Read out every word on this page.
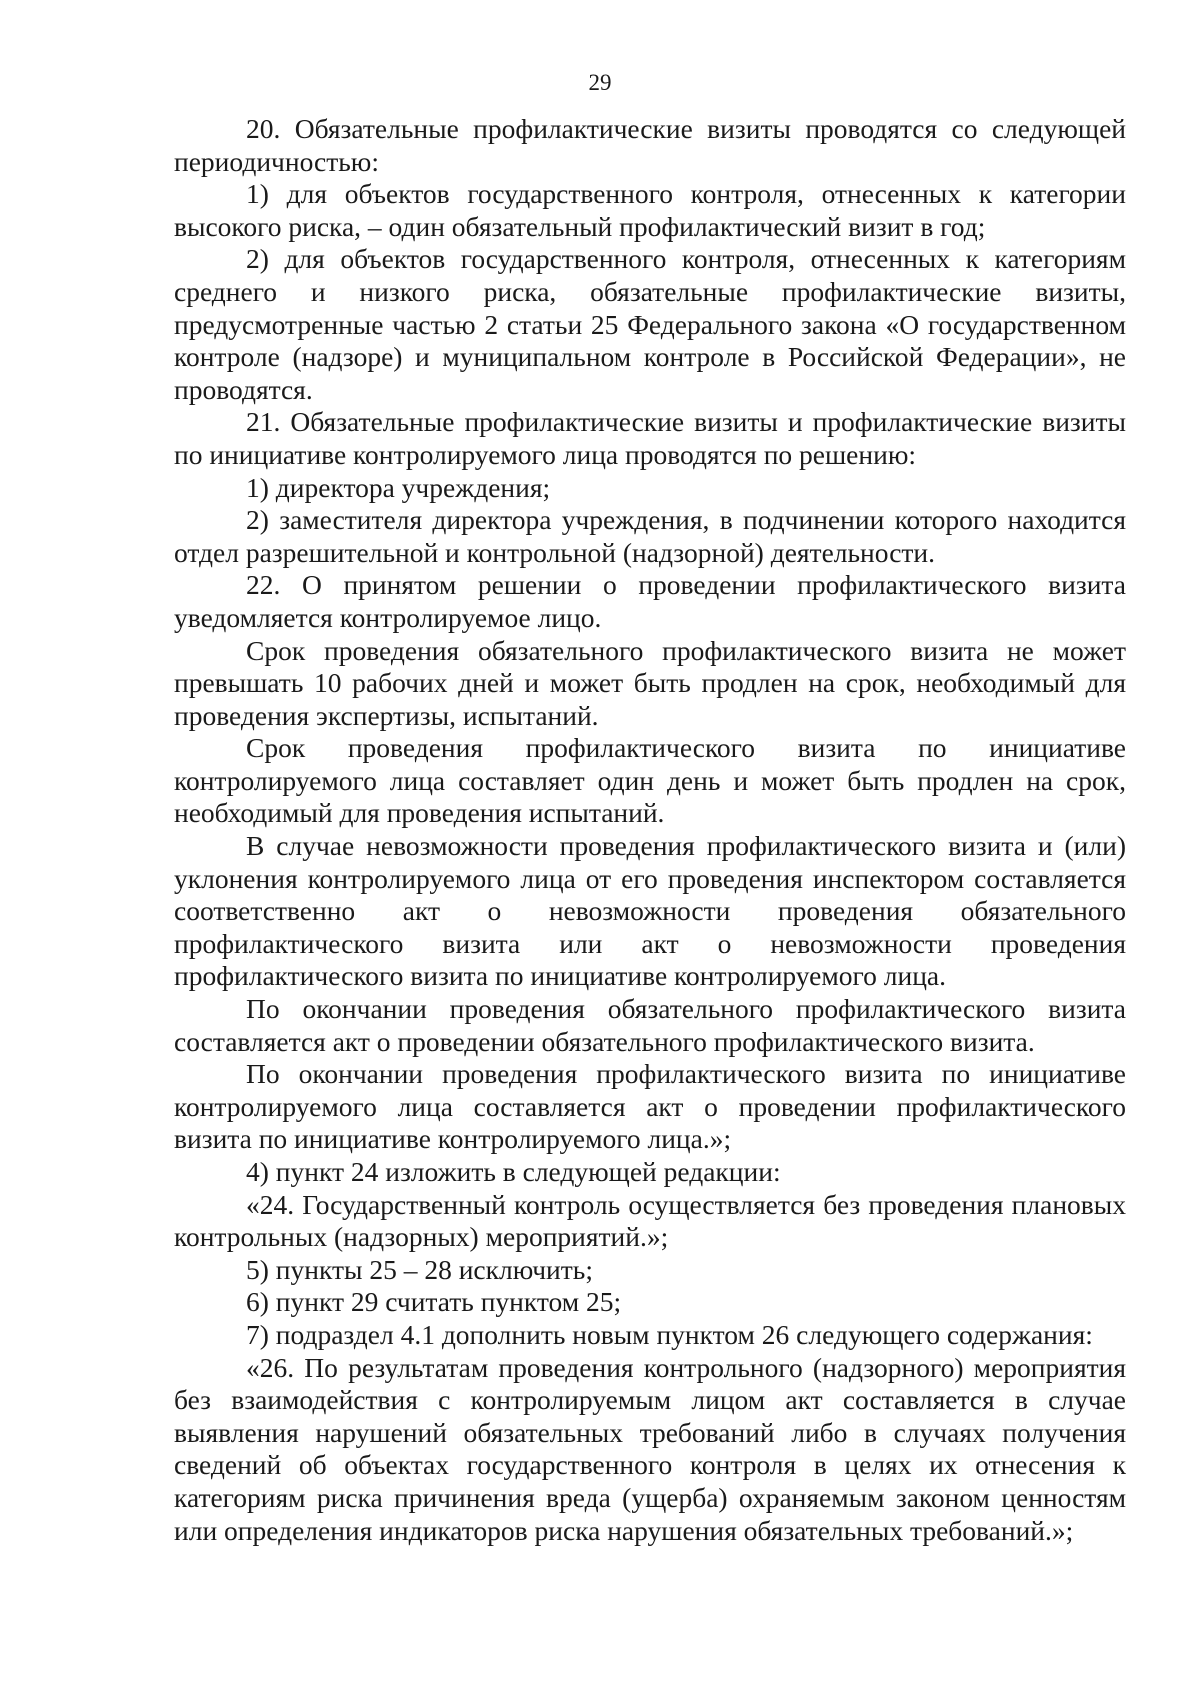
29

20. Обязательные профилактические визиты проводятся со следующей периодичностью:

1) для объектов государственного контроля, отнесенных к категории высокого риска, – один обязательный профилактический визит в год;

2) для объектов государственного контроля, отнесенных к категориям среднего и низкого риска, обязательные профилактические визиты, предусмотренные частью 2 статьи 25 Федерального закона «О государственном контроле (надзоре) и муниципальном контроле в Российской Федерации», не проводятся.

21. Обязательные профилактические визиты и профилактические визиты по инициативе контролируемого лица проводятся по решению:

1) директора учреждения;

2) заместителя директора учреждения, в подчинении которого находится отдел разрешительной и контрольной (надзорной) деятельности.

22. О принятом решении о проведении профилактического визита уведомляется контролируемое лицо.

Срок проведения обязательного профилактического визита не может превышать 10 рабочих дней и может быть продлен на срок, необходимый для проведения экспертизы, испытаний.

Срок проведения профилактического визита по инициативе контролируемого лица составляет один день и может быть продлен на срок, необходимый для проведения испытаний.

В случае невозможности проведения профилактического визита и (или) уклонения контролируемого лица от его проведения инспектором составляется соответственно акт о невозможности проведения обязательного профилактического визита или акт о невозможности проведения профилактического визита по инициативе контролируемого лица.

По окончании проведения обязательного профилактического визита составляется акт о проведении обязательного профилактического визита.

По окончании проведения профилактического визита по инициативе контролируемого лица составляется акт о проведении профилактического визита по инициативе контролируемого лица.»;

4) пункт 24 изложить в следующей редакции:

«24. Государственный контроль осуществляется без проведения плановых контрольных (надзорных) мероприятий.»;

5) пункты 25 – 28 исключить;

6) пункт 29 считать пунктом 25;

7) подраздел 4.1 дополнить новым пунктом 26 следующего содержания:

«26. По результатам проведения контрольного (надзорного) мероприятия без взаимодействия с контролируемым лицом акт составляется в случае выявления нарушений обязательных требований либо в случаях получения сведений об объектах государственного контроля в целях их отнесения к категориям риска причинения вреда (ущерба) охраняемым законом ценностям или определения индикаторов риска нарушения обязательных требований.»;
